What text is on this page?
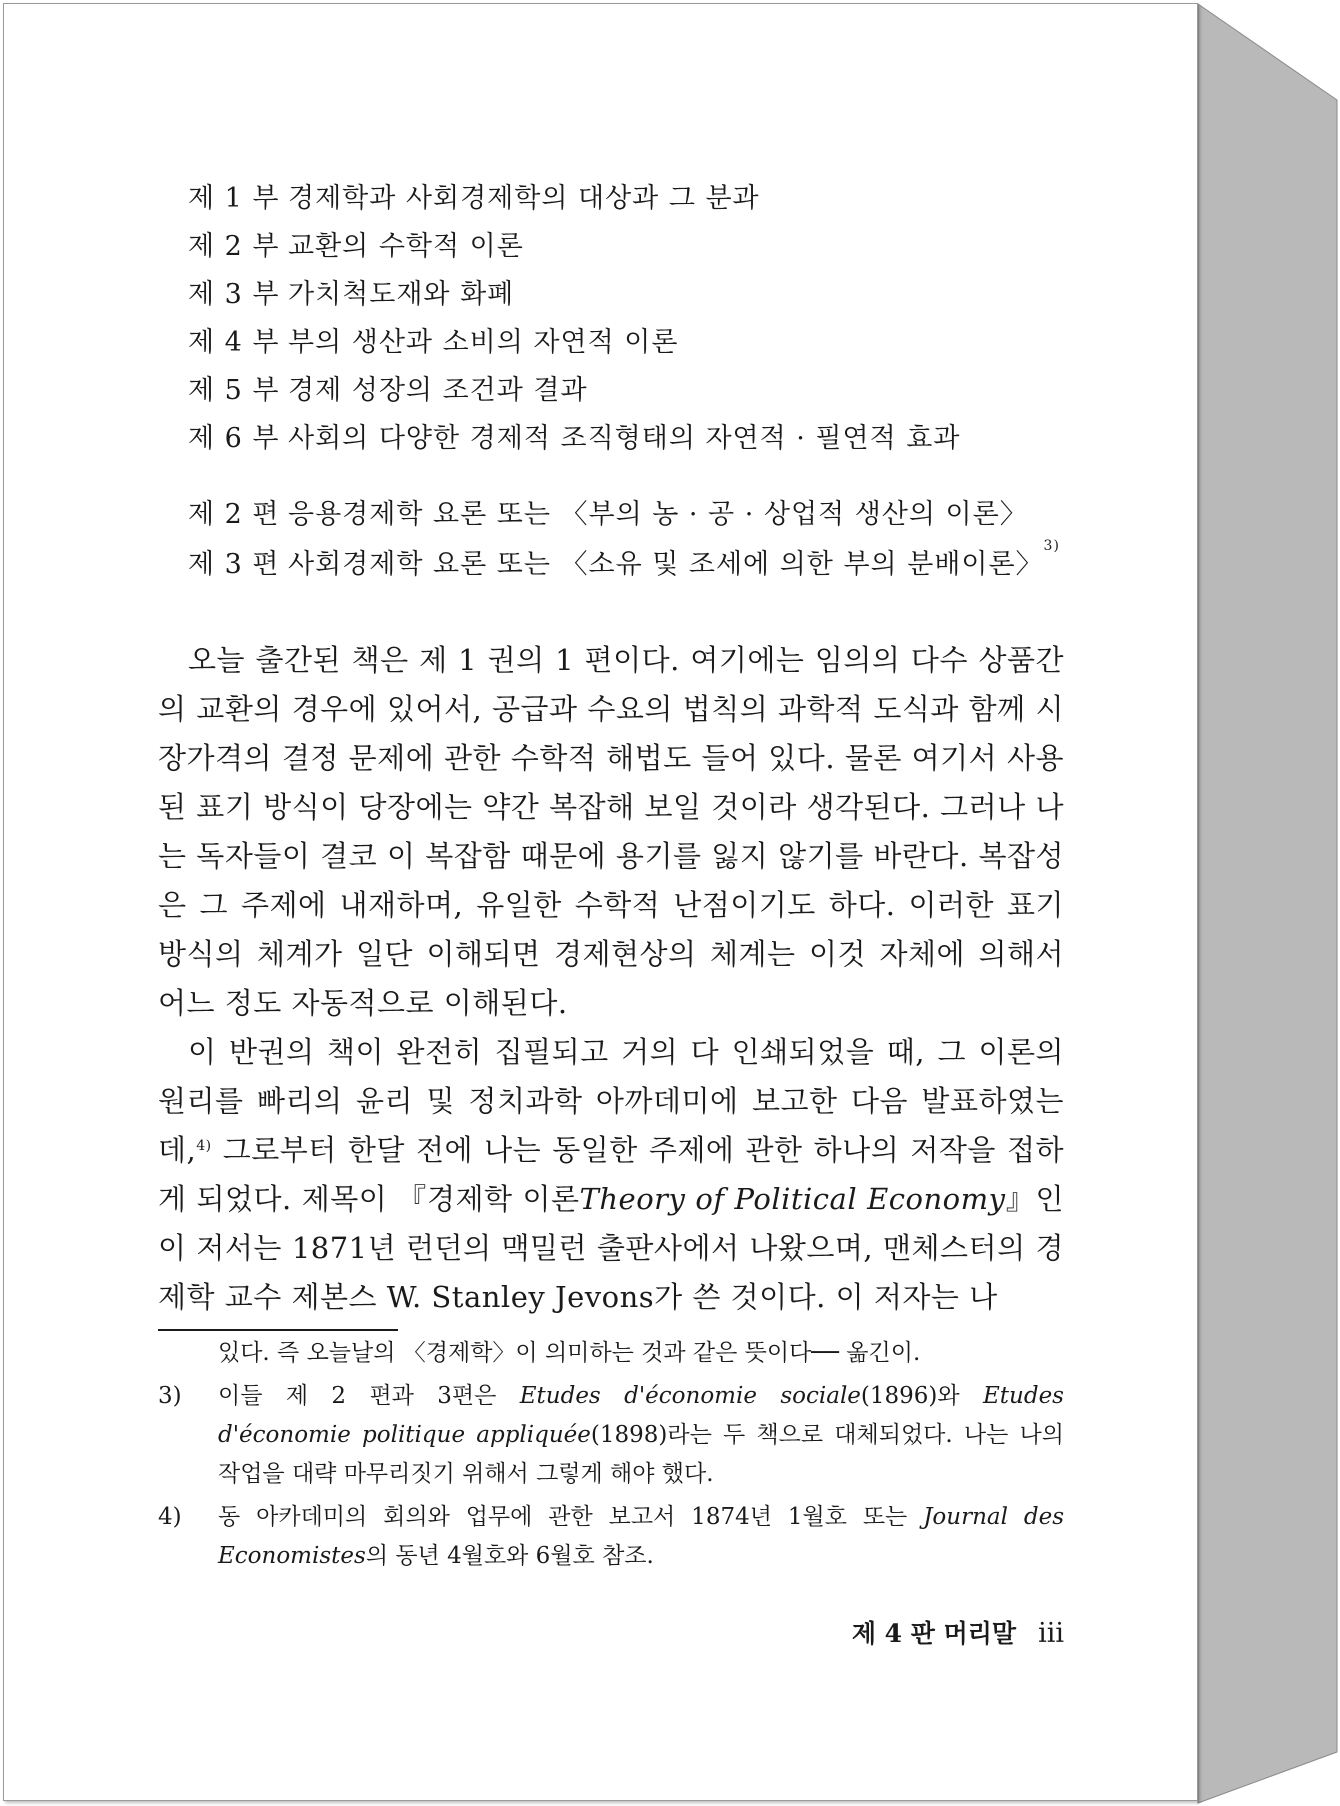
제 1 부 경제학과 사회경제학의 대상과 그 분과
제 2 부 교환의 수학적 이론
제 3 부 가치척도재와 화폐
제 4 부 부의 생산과 소비의 자연적 이론
제 5 부 경제 성장의 조건과 결과
제 6 부 사회의 다양한 경제적 조직형태의 자연적 · 필연적 효과
제 2 편 응용경제학 요론 또는 〈부의 농 · 공 · 상업적 생산의 이론〉
제 3 편 사회경제학 요론 또는 〈소유 및 조세에 의한 부의 분배이론〉$^{3)}$

오늘 출간된 책은 제 1 권의 1 편이다. 여기에는 임의의 다수 상품간의 교환의 경우에 있어서, 공급과 수요의 법칙의 과학적 도식과 함께 시장가격의 결정 문제에 관한 수학적 해법도 들어 있다. 물론 여기서 사용된 표기 방식이 당장에는 약간 복잡해 보일 것이라 생각된다. 그러나 나는 독자들이 결코 이 복잡함 때문에 용기를 잃지 않기를 바란다. 복잡성은 그 주제에 내재하며, 유일한 수학적 난점이기도 하다. 이러한 표기 방식의 체계가 일단 이해되면 경제현상의 체계는 이것 자체에 의해서 어느 정도 자동적으로 이해된다.

이 반권의 책이 완전히 집필되고 거의 다 인쇄되었을 때, 그 이론의 원리를 빠리의 윤리 및 정치과학 아까데미에 보고한 다음 발표하였는데,$^{4)}$ 그로부터 한달 전에 나는 동일한 주제에 관한 하나의 저작을 접하게 되었다. 제목이 『경제학 이론Theory of Political Economy』인 이 저서는 1871년 런던의 맥밀런 출판사에서 나왔으며, 맨체스터의 경제학 교수 제본스 W. Stanley Jevons가 쓴 것이다. 이 저자는 나

있다. 즉 오늘날의 〈경제학〉이 의미하는 것과 같은 뜻이다── 옮긴이.
3) 이들 제 2 편과 3편은 Etudes d'économie sociale(1896)와 Etudes d'économie politique appliquée(1898)라는 두 책으로 대체되었다. 나는 나의 작업을 대략 마무리짓기 위해서 그렇게 해야 했다.
4) 동 아카데미의 회의와 업무에 관한 보고서 1874년 1월호 또는 Journal des Economistes의 동년 4월호와 6월호 참조.
제 4 판 머리말 iii
